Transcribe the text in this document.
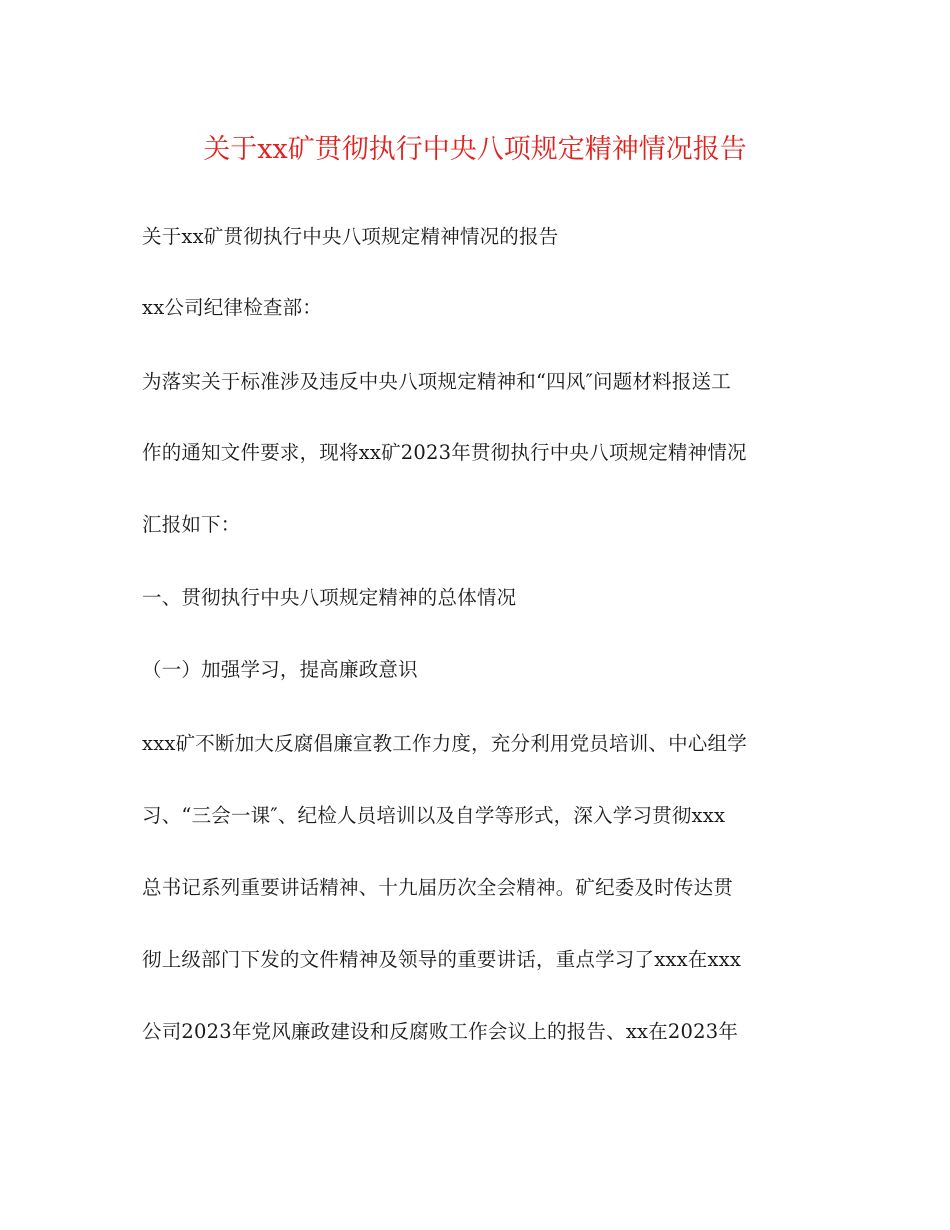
关于xx矿贯彻执行中央八项规定精神情况报告
关于xx矿贯彻执行中央八项规定精神情况的报告
xx公司纪律检查部：
为落实关于标准涉及违反中央八项规定精神和“四风″问题材料报送工
作的通知文件要求，现将xx矿2023年贯彻执行中央八项规定精神情况
汇报如下：
一、贯彻执行中央八项规定精神的总体情况
（一）加强学习，提高廉政意识
xxx矿不断加大反腐倡廉宣教工作力度，充分利用党员培训、中心组学
习、“三会一课″、纪检人员培训以及自学等形式，深入学习贯彻xxx
总书记系列重要讲话精神、十九届历次全会精神。矿纪委及时传达贯
彻上级部门下发的文件精神及领导的重要讲话，重点学习了xxx在xxx
公司2023年党风廉政建设和反腐败工作会议上的报告、xx在2023年
